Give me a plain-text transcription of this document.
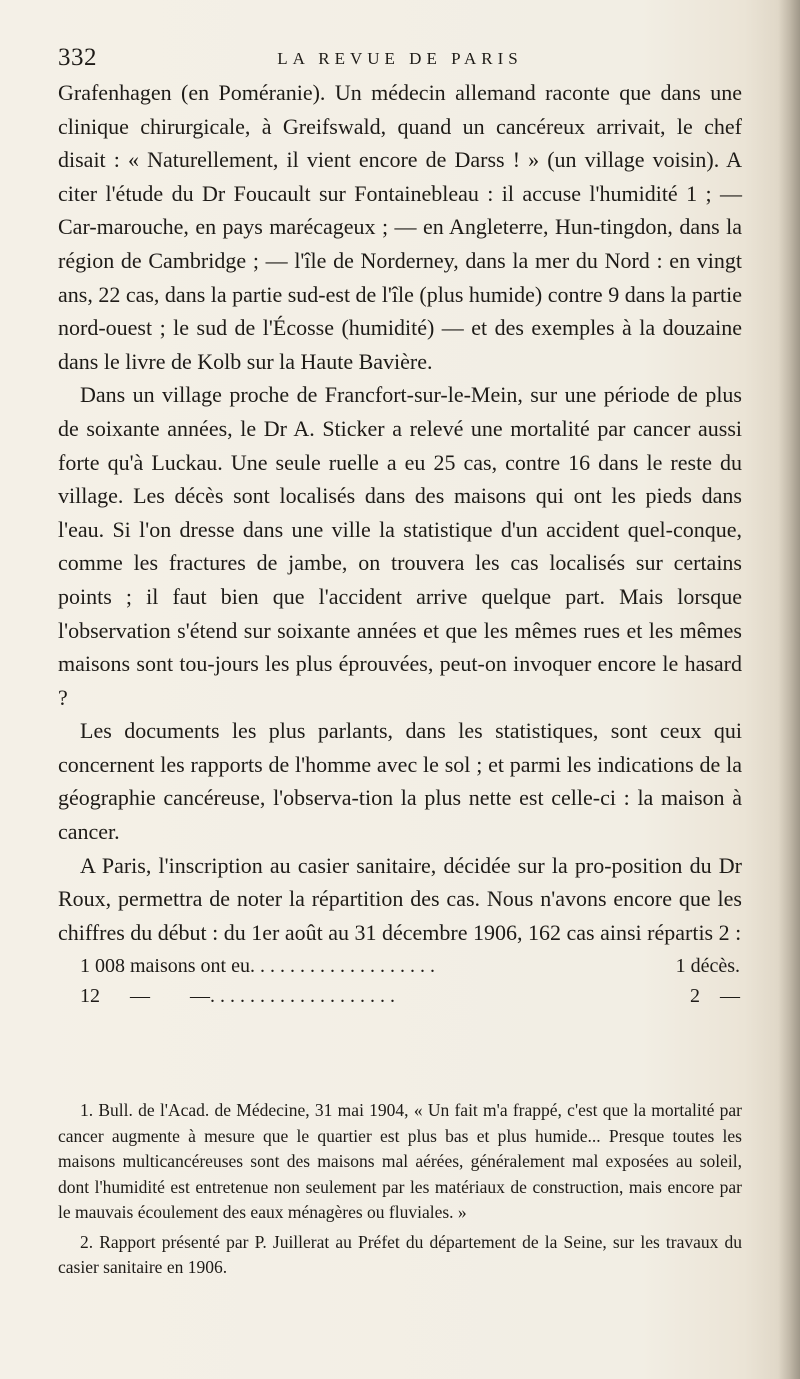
332	LA REVUE DE PARIS

Grafenhagen (en Poméranie). Un médecin allemand raconte que dans une clinique chirurgicale, à Greifswald, quand un cancéreux arrivait, le chef disait : « Naturellement, il vient encore de Darss ! » (un village voisin). A citer l'étude du Dr Foucault sur Fontainebleau : il accuse l'humidité 1 ; — Car-marouche, en pays marécageux ; — en Angleterre, Hun-tingdon, dans la région de Cambridge ; — l'île de Norderney, dans la mer du Nord : en vingt ans, 22 cas, dans la partie sud-est de l'île (plus humide) contre 9 dans la partie nord-ouest ; le sud de l'Écosse (humidité) — et des exemples à la douzaine dans le livre de Kolb sur la Haute Bavière.

Dans un village proche de Francfort-sur-le-Mein, sur une période de plus de soixante années, le Dr A. Sticker a relevé une mortalité par cancer aussi forte qu'à Luckau. Une seule ruelle a eu 25 cas, contre 16 dans le reste du village. Les décès sont localisés dans des maisons qui ont les pieds dans l'eau. Si l'on dresse dans une ville la statistique d'un accident quel-conque, comme les fractures de jambe, on trouvera les cas localisés sur certains points ; il faut bien que l'accident arrive quelque part. Mais lorsque l'observation s'étend sur soixante années et que les mêmes rues et les mêmes maisons sont tou-jours les plus éprouvées, peut-on invoquer encore le hasard ?

Les documents les plus parlants, dans les statistiques, sont ceux qui concernent les rapports de l'homme avec le sol ; et parmi les indications de la géographie cancéreuse, l'observa-tion la plus nette est celle-ci : la maison à cancer.

A Paris, l'inscription au casier sanitaire, décidée sur la pro-position du Dr Roux, permettra de noter la répartition des cas. Nous n'avons encore que les chiffres du début : du 1er août au 31 décembre 1906, 162 cas ainsi répartis 2 :

1 008 maisons ont eu . . . . . . . . . . . . . . . . . . .	1 décès.
12      —        — . . . . . . . . . . . . . . . . . . .	2    —

1. Bull. de l'Acad. de Médecine, 31 mai 1904, « Un fait m'a frappé, c'est que la mortalité par cancer augmente à mesure que le quartier est plus bas et plus humide... Presque toutes les maisons multicancéreuses sont des maisons mal aérées, généralement mal exposées au soleil, dont l'humidité est entretenue non seulement par les matériaux de construction, mais encore par le mauvais écoulement des eaux ménagères ou fluviales. »

2. Rapport présenté par P. Juillerat au Préfet du département de la Seine, sur les travaux du casier sanitaire en 1906.
